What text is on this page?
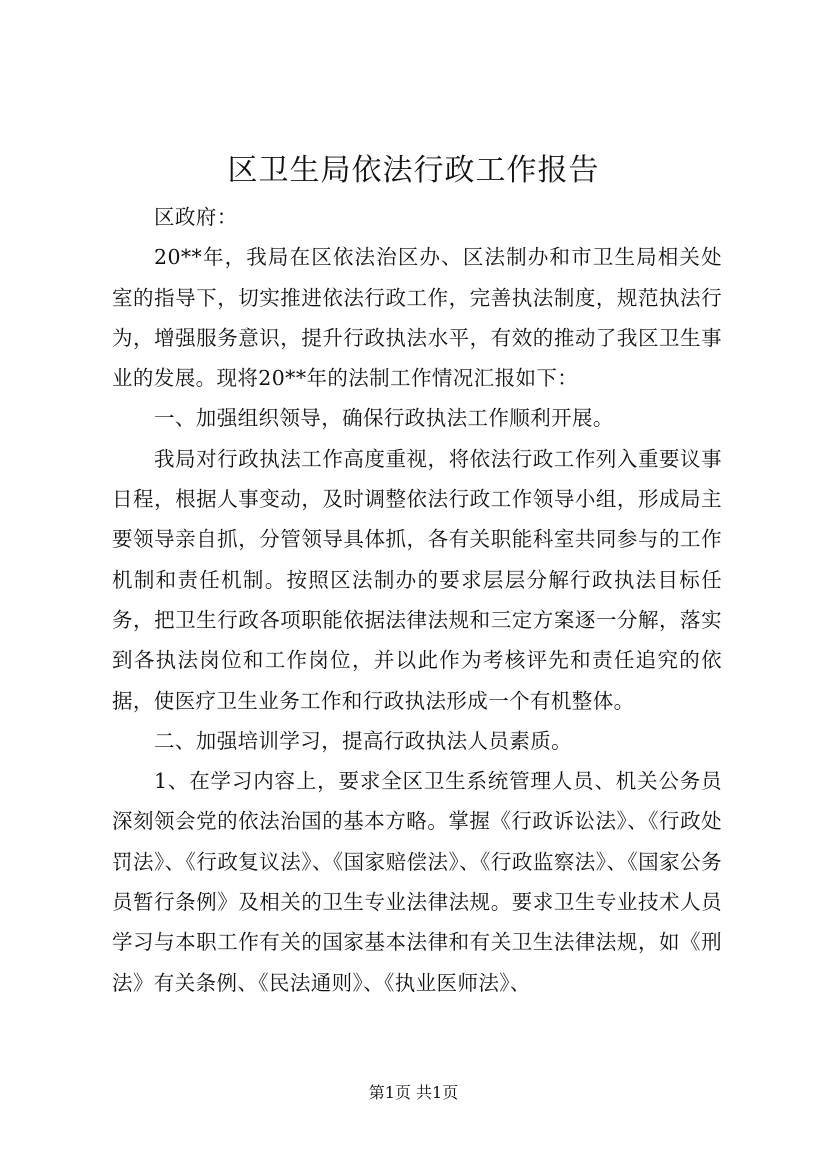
区卫生局依法行政工作报告

区政府：

20**年，我局在区依法治区办、区法制办和市卫生局相关处室的指导下，切实推进依法行政工作，完善执法制度，规范执法行为，增强服务意识，提升行政执法水平，有效的推动了我区卫生事业的发展。现将20**年的法制工作情况汇报如下：

一、加强组织领导，确保行政执法工作顺利开展。

我局对行政执法工作高度重视，将依法行政工作列入重要议事日程，根据人事变动，及时调整依法行政工作领导小组，形成局主要领导亲自抓，分管领导具体抓，各有关职能科室共同参与的工作机制和责任机制。按照区法制办的要求层层分解行政执法目标任务，把卫生行政各项职能依据法律法规和三定方案逐一分解，落实到各执法岗位和工作岗位，并以此作为考核评先和责任追究的依据，使医疗卫生业务工作和行政执法形成一个有机整体。

二、加强培训学习，提高行政执法人员素质。

1、在学习内容上，要求全区卫生系统管理人员、机关公务员深刻领会党的依法治国的基本方略。掌握《行政诉讼法》、《行政处罚法》、《行政复议法》、《国家赔偿法》、《行政监察法》、《国家公务员暂行条例》及相关的卫生专业法律法规。要求卫生专业技术人员学习与本职工作有关的国家基本法律和有关卫生法律法规，如《刑法》有关条例、《民法通则》、《执业医师法》、

第1页 共1页
